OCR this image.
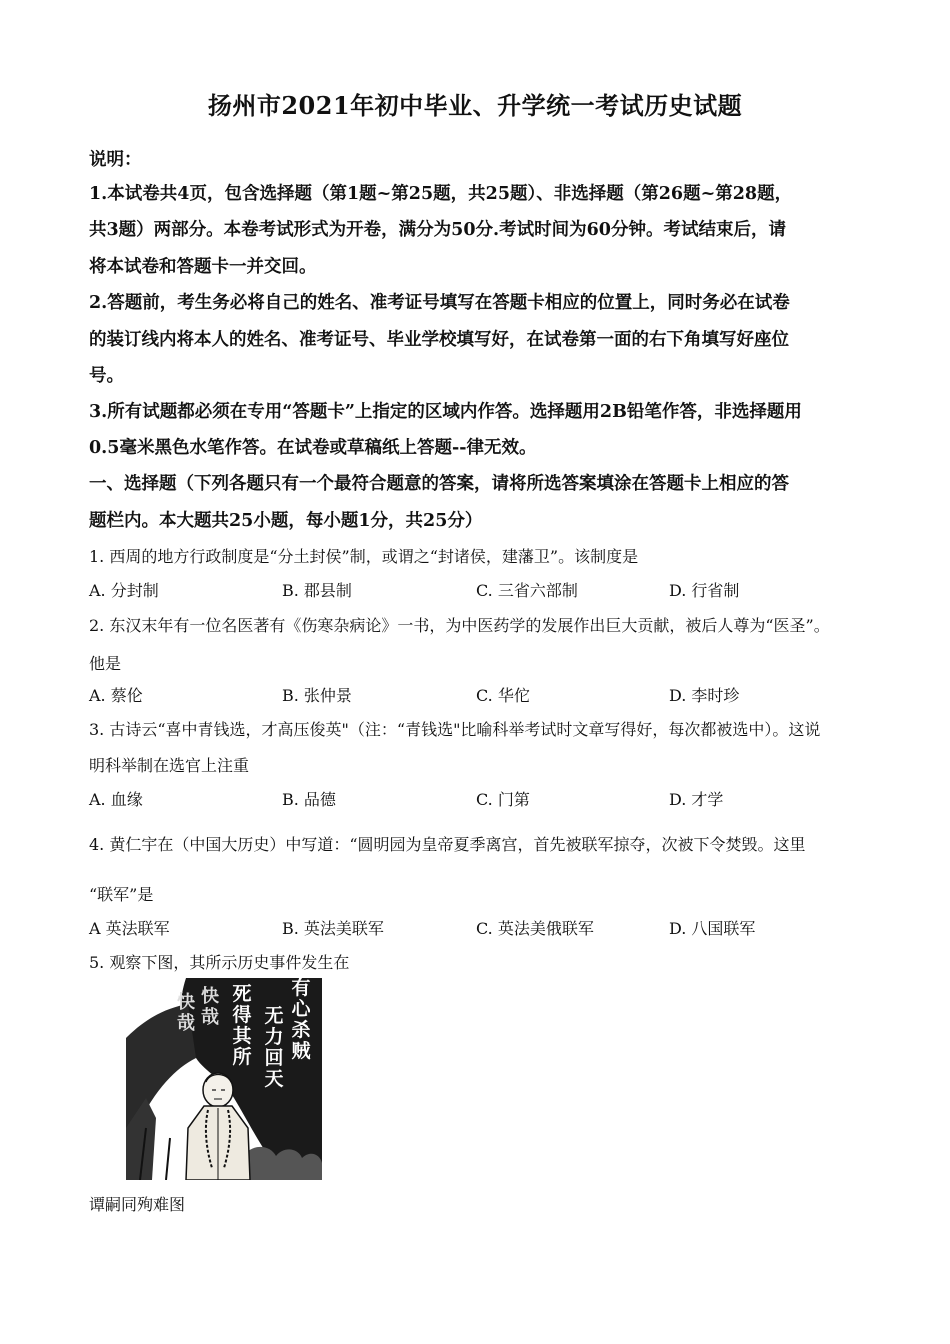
扬州市2021年初中毕业、升学统一考试历史试题
说明：
1.本试卷共4页，包含选择题（第1题~第25题，共25题）、非选择题（第26题~第28题，
共3题）两部分。本卷考试形式为开卷，满分为50分.考试时间为60分钟。考试结束后，请
将本试卷和答题卡一并交回。
2.答题前，考生务必将自己的姓名、准考证号填写在答题卡相应的位置上，同时务必在试卷
的装订线内将本人的姓名、准考证号、毕业学校填写好，在试卷第一面的右下角填写好座位
号。
3.所有试题都必须在专用“答题卡”上指定的区域内作答。选择题用2B铅笔作答，非选择题用
0.5毫米黑色水笔作答。在试卷或草稿纸上答题--律无效。
一、选择题（下列各题只有一个最符合题意的答案，请将所选答案填涂在答题卡上相应的答
题栏内。本大题共25小题，每小题1分，共25分）
1. 西周的地方行政制度是“分土封侯”制，或谓之“封诸侯，建藩卫”。该制度是
A. 分封制	B. 郡县制	C. 三省六部制	D. 行省制
2. 东汉末年有一位名医著有《伤寒杂病论》一书，为中医药学的发展作出巨大贡献，被后人尊为“医圣”。
他是
A. 蔡伦	B. 张仲景	C. 华佗	D. 李时珍
3. 古诗云“喜中青钱选，才高压俊英"（注：“青钱选"比喻科举考试时文章写得好，每次都被选中）。这说
明科举制在选官上注重
A. 血缘	B. 品德	C. 门第	D. 才学
4. 黄仁宇在（中国大历史）中写道：“圆明园为皇帝夏季离宫，首先被联军掠夺，次被下令焚毁。这里
“联军”是
A 英法联军	B. 英法美联军	C. 英法美俄联军	D. 八国联军
5. 观察下图，其所示历史事件发生在
有心杀贼
无力回天
死得其所
快哉
快哉
谭嗣同殉难图
